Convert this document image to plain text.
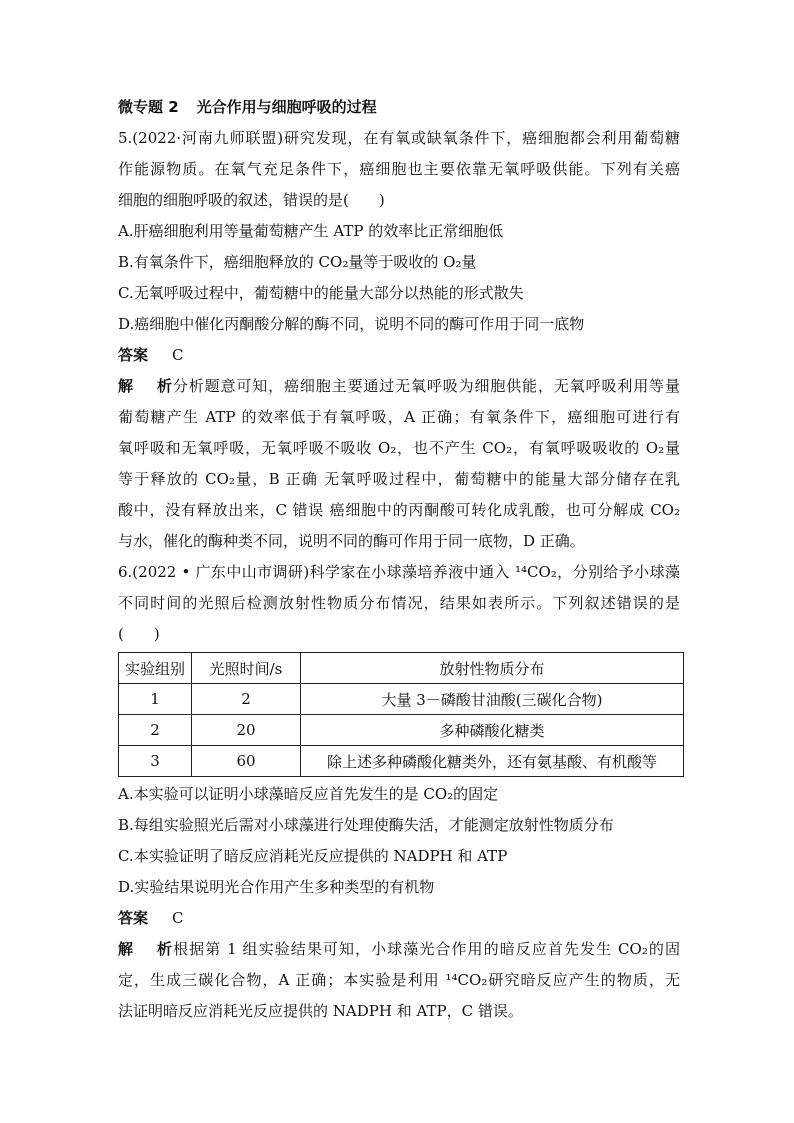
微专题 2 光合作用与细胞呼吸的过程
5.(2022·河南九师联盟)研究发现，在有氧或缺氧条件下，癌细胞都会利用葡萄糖
作能源物质。在氧气充足条件下，癌细胞也主要依靠无氧呼吸供能。下列有关癌
细胞的细胞呼吸的叙述，错误的是(　　)
A.肝癌细胞利用等量葡萄糖产生 ATP 的效率比正常细胞低
B.有氧条件下，癌细胞释放的 CO₂量等于吸收的 O₂量
C.无氧呼吸过程中，葡萄糖中的能量大部分以热能的形式散失
D.癌细胞中催化丙酮酸分解的酶不同，说明不同的酶可作用于同一底物
答案 C
解析分析题意可知，癌细胞主要通过无氧呼吸为细胞供能，无氧呼吸利用等量
葡萄糖产生 ATP 的效率低于有氧呼吸，A 正确；有氧条件下，癌细胞可进行有
氧呼吸和无氧呼吸，无氧呼吸不吸收 O₂，也不产生 CO₂，有氧呼吸吸收的 O₂量
等于释放的 CO₂量，B 正确 无氧呼吸过程中，葡萄糖中的能量大部分储存在乳
酸中，没有释放出来，C 错误 癌细胞中的丙酮酸可转化成乳酸，也可分解成 CO₂
与水，催化的酶种类不同，说明不同的酶可作用于同一底物，D 正确。
6.(2022 • 广东中山市调研)科学家在小球藻培养液中通入 ¹⁴CO₂，分别给予小球藻
不同时间的光照后检测放射性物质分布情况，结果如表所示。下列叙述错误的是
(　　)
实验组别	光照时间/s	放射性物质分布
1	2	大量 3－磷酸甘油酸(三碳化合物)
2	20	多种磷酸化糖类
3	60	除上述多种磷酸化糖类外，还有氨基酸、有机酸等
A.本实验可以证明小球藻暗反应首先发生的是 CO₂的固定
B.每组实验照光后需对小球藻进行处理使酶失活，才能测定放射性物质分布
C.本实验证明了暗反应消耗光反应提供的 NADPH 和 ATP
D.实验结果说明光合作用产生多种类型的有机物
答案 C
解析根据第 1 组实验结果可知，小球藻光合作用的暗反应首先发生 CO₂的固
定，生成三碳化合物，A 正确；本实验是利用 ¹⁴CO₂研究暗反应产生的物质，无
法证明暗反应消耗光反应提供的 NADPH 和 ATP，C 错误。
